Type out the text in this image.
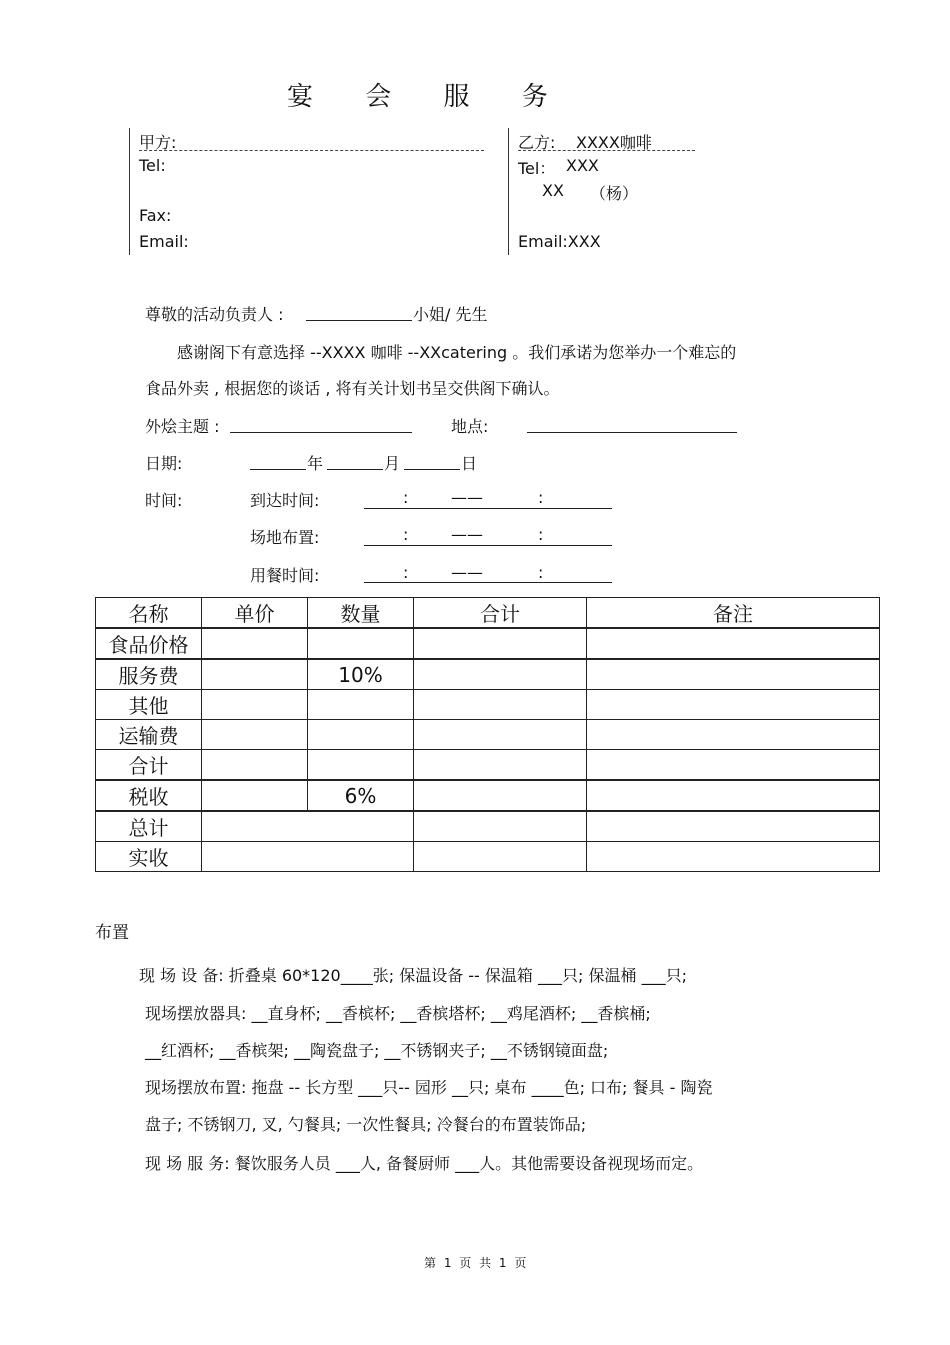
宴 会 服 务
甲方:
Tel:
Fax:
Email:
乙方: XXXX咖啡
Tel： XXX
XX （杨）
Email:XXX
尊敬的活动负责人 :	小姐/ 先生
感谢阁下有意选择 --XXXX 咖啡 --XXcatering 。我们承诺为您举办一个难忘的
食品外卖 , 根据您的谈话 , 将有关计划书呈交供阁下确认。
外烩主题 :	地点:
日期:	年	月	日
时间:	到达时间:	:	——	:
场地布置:	:	——	:
用餐时间:	:	——	:
名称	单价	数量	合计	备注
食品价格				
服务费		10%		
其他				
运输费				
合计				
税收		6%		
总计				
实收				
布置
现 场 设 备: 折叠桌 60*120____张; 保温设备 -- 保温箱 ___只; 保温桶 ___只;
现场摆放器具: __直身杯; __香槟杯; __香槟塔杯; __鸡尾酒杯; __香槟桶;
__红酒杯; __香槟架; __陶瓷盘子; __不锈钢夹子; __不锈钢镜面盘;
现场摆放布置: 拖盘 -- 长方型 ___只-- 园形 __只; 桌布 ____色; 口布; 餐具 - 陶瓷
盘子; 不锈钢刀, 叉, 勺餐具; 一次性餐具; 冷餐台的布置装饰品;
现 场 服 务: 餐饮服务人员 ___人, 备餐厨师 ___人。其他需要设备视现场而定。
第 1 页 共 1 页
